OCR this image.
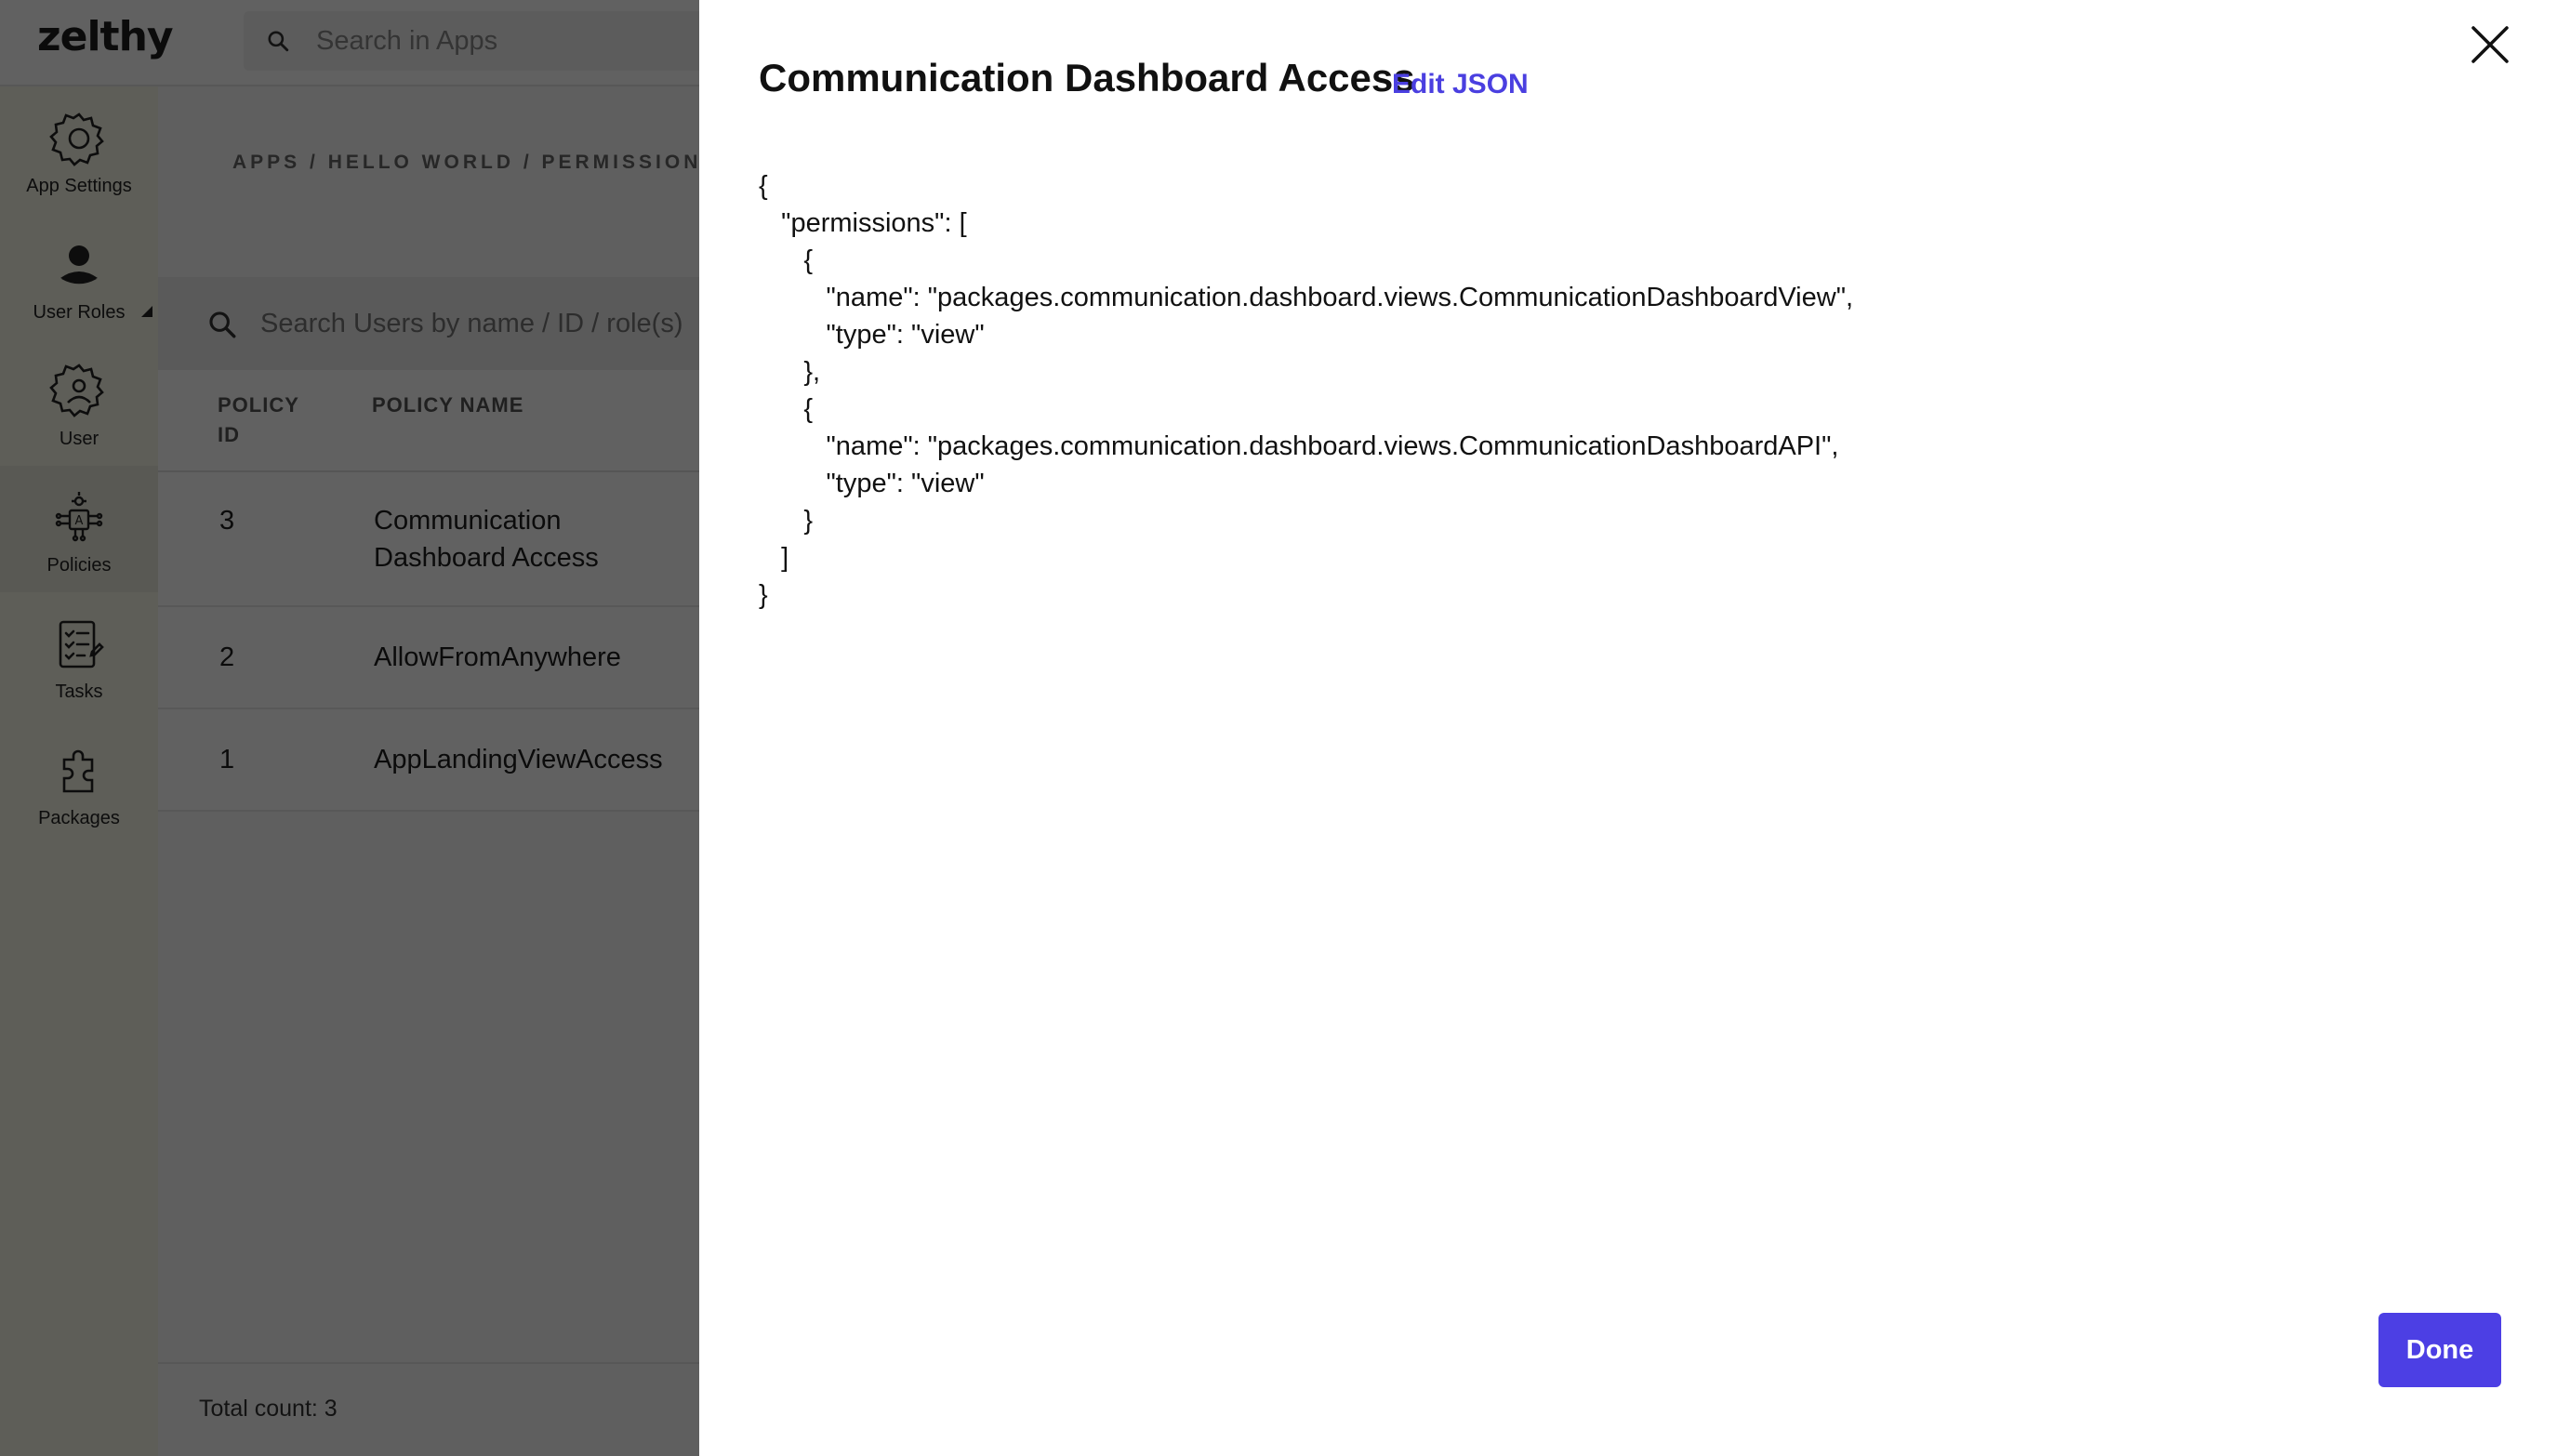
Search in Apps
Search Users by name / ID / role(s)
Communication Dashboard Access
Edit JSON
{
"permissions": [
{
"name": "packages.communication.dashboard.views.CommunicationDashboardView",
"type": "view"
},
{
"name": "packages.communication.dashboard.views.CommunicationDashboardAPI",
"type": "view"
}
]
}
Done
